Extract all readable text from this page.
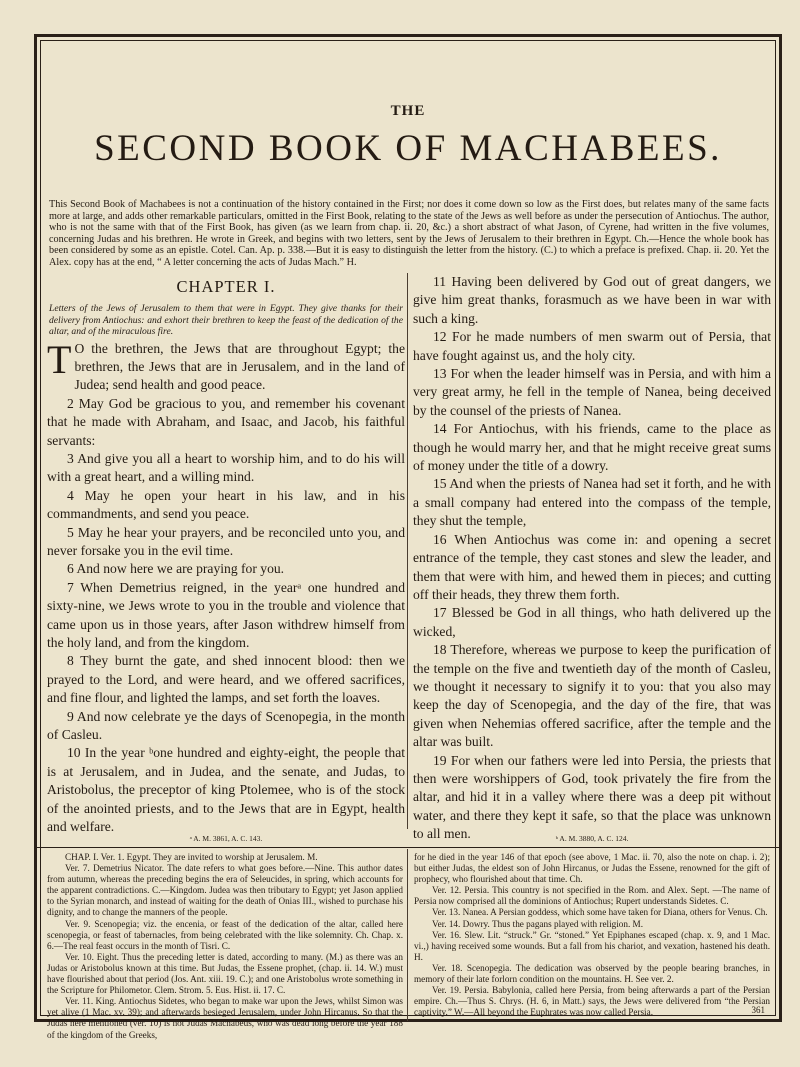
THE
SECOND BOOK OF MACHABEES.
This Second Book of Machabees is not a continuation of the history contained in the First; nor does it come down so low as the First does, but relates many of the same facts more at large, and adds other remarkable particulars, omitted in the First Book, relating to the state of the Jews as well before as under the persecution of Antiochus. The author, who is not the same with that of the First Book, has given (as we learn from chap. ii. 20, &c.) a short abstract of what Jason, of Cyrene, had written in the five volumes, concerning Judas and his brethren. He wrote in Greek, and begins with two letters, sent by the Jews of Jerusalem to their brethren in Egypt. Ch.—Hence the whole book has been considered by some as an epistle. Cotel. Can. Ap. p. 338.—But it is easy to distinguish the letter from the history. (C.) to which a preface is prefixed. Chap. ii. 20. Yet the Alex. copy has at the end, “ A letter concerning the acts of Judas Mach.” H.
CHAPTER I.
Letters of the Jews of Jerusalem to them that were in Egypt. They give thanks for their delivery from Antiochus: and exhort their brethren to keep the feast of the dedication of the altar, and of the miraculous fire.

T O the brethren, the Jews that are throughout Egypt; the brethren, the Jews that are in Jerusalem, and in the land of Judea; send health and good peace.

2 May God be gracious to you, and remember his covenant that he made with Abraham, and Isaac, and Jacob, his faithful servants:

3 And give you all a heart to worship him, and to do his will with a great heart, and a willing mind.

4 May he open your heart in his law, and in his commandments, and send you peace.

5 May he hear your prayers, and be reconciled unto you, and never forsake you in the evil time.

6 And now here we are praying for you.

7 When Demetrius reigned, in the yearᵃ one hundred and sixty-nine, we Jews wrote to you in the trouble and violence that came upon us in those years, after Jason withdrew himself from the holy land, and from the kingdom.

8 They burnt the gate, and shed innocent blood: then we prayed to the Lord, and were heard, and we offered sacrifices, and fine flour, and lighted the lamps, and set forth the loaves.

9 And now celebrate ye the days of Scenopegia, in the month of Casleu.

10 In the year ᵇone hundred and eighty-eight, the people that is at Jerusalem, and in Judea, and the senate, and Judas, to Aristobolus, the preceptor of king Ptolemee, who is of the stock of the anointed priests, and to the Jews that are in Egypt, health and welfare.

11 Having been delivered by God out of great dangers, we give him great thanks, forasmuch as we have been in war with such a king.

12 For he made numbers of men swarm out of Persia, that have fought against us, and the holy city.

13 For when the leader himself was in Persia, and with him a very great army, he fell in the temple of Nanea, being deceived by the counsel of the priests of Nanea.

14 For Antiochus, with his friends, came to the place as though he would marry her, and that he might receive great sums of money under the title of a dowry.

15 And when the priests of Nanea had set it forth, and he with a small company had entered into the compass of the temple, they shut the temple,

16 When Antiochus was come in: and opening a secret entrance of the temple, they cast stones and slew the leader, and them that were with him, and hewed them in pieces; and cutting off their heads, they threw them forth.

17 Blessed be God in all things, who hath delivered up the wicked,

18 Therefore, whereas we purpose to keep the purification of the temple on the five and twentieth day of the month of Casleu, we thought it necessary to signify it to you: that you also may keep the day of Scenopegia, and the day of the fire, that was given when Nehemias offered sacrifice, after the temple and the altar was built.

19 For when our fathers were led into Persia, the priests that then were worshippers of God, took privately the fire from the altar, and hid it in a valley where there was a deep pit without water, and there they kept it safe, so that the place was unknown to all men.

ᵃ A. M. 3861, A. C. 143.	ᵇ A. M. 3880, A. C. 124.

CHAP. I. Ver. 1. Egypt. They are invited to worship at Jerusalem. M.

Ver. 7. Demetrius Nicator. The date refers to what goes before.—Nine. This author dates from autumn, whereas the preceding begins the era of Seleucides, in spring, which accounts for the apparent contradictions. C.—Kingdom. Judea was then tributary to Egypt; yet Jason applied to the Syrian monarch, and instead of waiting for the death of Onias III., wished to purchase his dignity, and to change the manners of the people.

Ver. 9. Scenopegia; viz. the encenia, or feast of the dedication of the altar, called here scenopegia, or feast of tabernacles, from being celebrated with the like solemnity. Ch. Chap. x. 6.—The real feast occurs in the month of Tisri. C.

Ver. 10. Eight. Thus the preceding letter is dated, according to many. (M.) as there was an Judas or Aristobolus known at this time. But Judas, the Essene prophet, (chap. ii. 14. W.) must have flourished about that period (Jos. Ant. xiii. 19. C.); and one Aristobolus wrote something in the Scripture for Philometor. Clem. Strom. 5. Eus. Hist. ii. 17. C.

Ver. 11. King. Antiochus Sidetes, who began to make war upon the Jews, whilst Simon was yet alive (1 Mac. xv. 39); and afterwards besieged Jerusalem, under John Hircanus. So that the Judas here mentioned (ver. 10) is not Judas Machabeus, who was dead long before the year 188 of the kingdom of the Greeks,

for he died in the year 146 of that epoch (see above, 1 Mac. ii. 70, also the note on chap. i. 2); but either Judas, the eldest son of John Hircanus, or Judas the Essene, renowned for the gift of prophecy, who flourished about that time. Ch.

Ver. 12. Persia. This country is not specified in the Rom. and Alex. Sept. —The name of Persia now comprised all the dominions of Antiochus; Rupert understands Sidetes. C.

Ver. 13. Nanea. A Persian goddess, which some have taken for Diana, others for Venus. Ch.

Ver. 14. Dowry. Thus the pagans played with religion. M.

Ver. 16. Slew. Lit. “struck.” Gr. “stoned.” Yet Epiphanes escaped (chap. x. 9, and 1 Mac. vi.,) having received some wounds. But a fall from his chariot, and vexation, hastened his death. H.

Ver. 18. Scenopegia. The dedication was observed by the people bearing branches, in memory of their late forlorn condition on the mountains. H. See ver. 2.

Ver. 19. Persia. Babylonia, called here Persia, from being afterwards a part of the Persian empire. Ch.—Thus S. Chrys. (H. 6, in Matt.) says, the Jews were delivered from “the Persian captivity.” W.—All beyond the Euphrates was now called Persia.	361
